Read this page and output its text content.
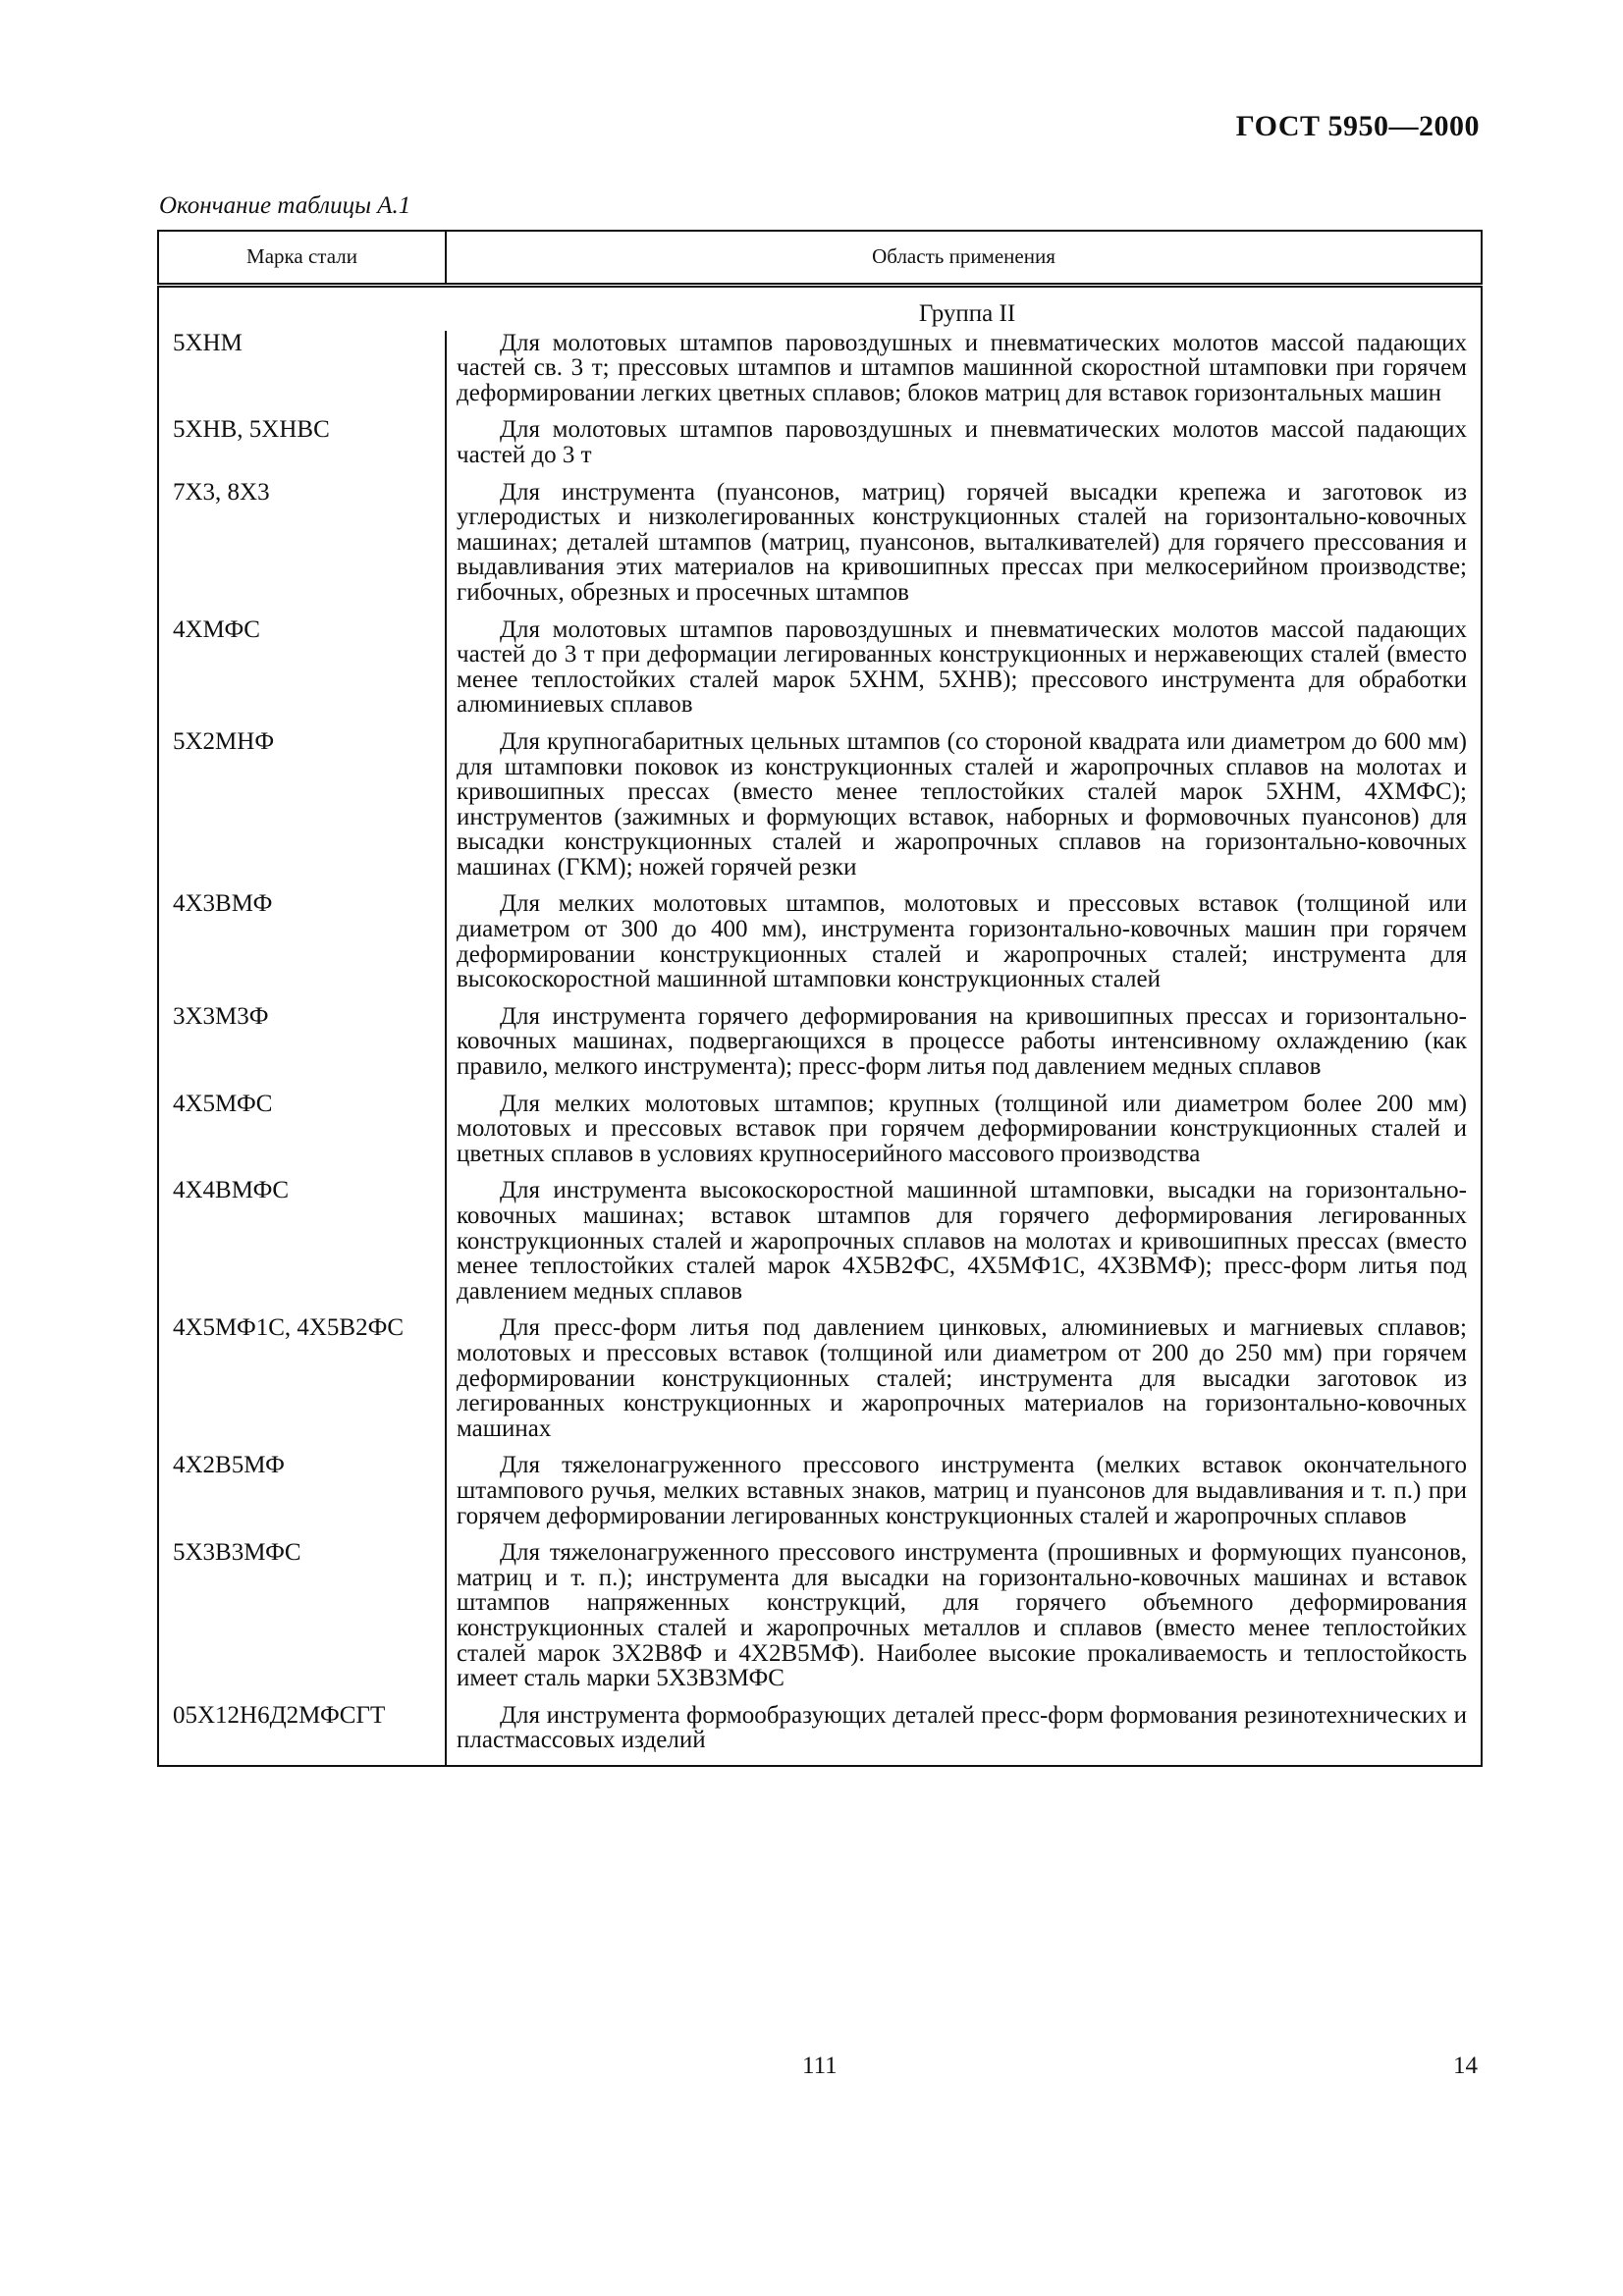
ГОСТ 5950—2000
Окончание таблицы А.1
Марка стали	Область применения
Группа II	
5ХНМ	Для молотовых штампов паровоздушных и пневматических молотов массой падающих частей св. 3 т; прессовых штампов и штампов машинной скоростной штамповки при горячем деформировании легких цветных сплавов; блоков матриц для вставок горизонтальных машин
5ХНВ, 5ХНВС	Для молотовых штампов паровоздушных и пневматических молотов массой падающих частей до 3 т
7Х3, 8Х3	Для инструмента (пуансонов, матриц) горячей высадки крепежа и заготовок из углеродистых и низколегированных конструкционных сталей на горизонтально-ковочных машинах; деталей штампов (матриц, пуансонов, выталкивателей) для горячего прессования и выдавливания этих материалов на кривошипных прессах при мелкосерийном производстве; гибочных, обрезных и просечных штампов
4ХМФС	Для молотовых штампов паровоздушных и пневматических молотов массой падающих частей до 3 т при деформации легированных конструкционных и нержавеющих сталей (вместо менее теплостойких сталей марок 5ХНМ, 5ХНВ); прессового инструмента для обработки алюминиевых сплавов
5Х2МНФ	Для крупногабаритных цельных штампов (со стороной квадрата или диаметром до 600 мм) для штамповки поковок из конструкционных сталей и жаропрочных сплавов на молотах и кривошипных прессах (вместо менее теплостойких сталей марок 5ХНМ, 4ХМФС); инструментов (зажимных и формующих вставок, наборных и формовочных пуансонов) для высадки конструкционных сталей и жаропрочных сплавов на горизонтально-ковочных машинах (ГКМ); ножей горячей резки
4Х3ВМФ	Для мелких молотовых штампов, молотовых и прессовых вставок (толщиной или диаметром от 300 до 400 мм), инструмента горизонтально-ковочных машин при горячем деформировании конструкционных сталей и жаропрочных сталей; инструмента для высокоскоростной машинной штамповки конструкционных сталей
3Х3М3Ф	Для инструмента горячего деформирования на кривошипных прессах и горизонтально-ковочных машинах, подвергающихся в процессе работы интенсивному охлаждению (как правило, мелкого инструмента); пресс-форм литья под давлением медных сплавов
4Х5МФС	Для мелких молотовых штампов; крупных (толщиной или диаметром более 200 мм) молотовых и прессовых вставок при горячем деформировании конструкционных сталей и цветных сплавов в условиях крупносерийного массового производства
4Х4ВМФС	Для инструмента высокоскоростной машинной штамповки, высадки на горизонтально-ковочных машинах; вставок штампов для горячего деформирования легированных конструкционных сталей и жаропрочных сплавов на молотах и кривошипных прессах (вместо менее теплостойких сталей марок 4Х5В2ФС, 4Х5МФ1С, 4Х3ВМФ); пресс-форм литья под давлением медных сплавов
4Х5МФ1С, 4Х5В2ФС	Для пресс-форм литья под давлением цинковых, алюминиевых и магниевых сплавов; молотовых и прессовых вставок (толщиной или диаметром от 200 до 250 мм) при горячем деформировании конструкционных сталей; инструмента для высадки заготовок из легированных конструкционных и жаропрочных материалов на горизонтально-ковочных машинах
4Х2В5МФ	Для тяжелонагруженного прессового инструмента (мелких вставок окончательного штампового ручья, мелких вставных знаков, матриц и пуансонов для выдавливания и т. п.) при горячем деформировании легированных конструкционных сталей и жаропрочных сплавов
5Х3В3МФС	Для тяжелонагруженного прессового инструмента (прошивных и формующих пуансонов, матриц и т. п.); инструмента для высадки на горизонтально-ковочных машинах и вставок штампов напряженных конструкций, для горячего объемного деформирования конструкционных сталей и жаропрочных металлов и сплавов (вместо менее теплостойких сталей марок 3Х2В8Ф и 4Х2В5МФ). Наиболее высокие прокаливаемость и теплостойкость имеет сталь марки 5Х3В3МФС
05Х12Н6Д2МФСГТ	Для инструмента формообразующих деталей пресс-форм формования резинотехнических и пластмассовых изделий
111	14
